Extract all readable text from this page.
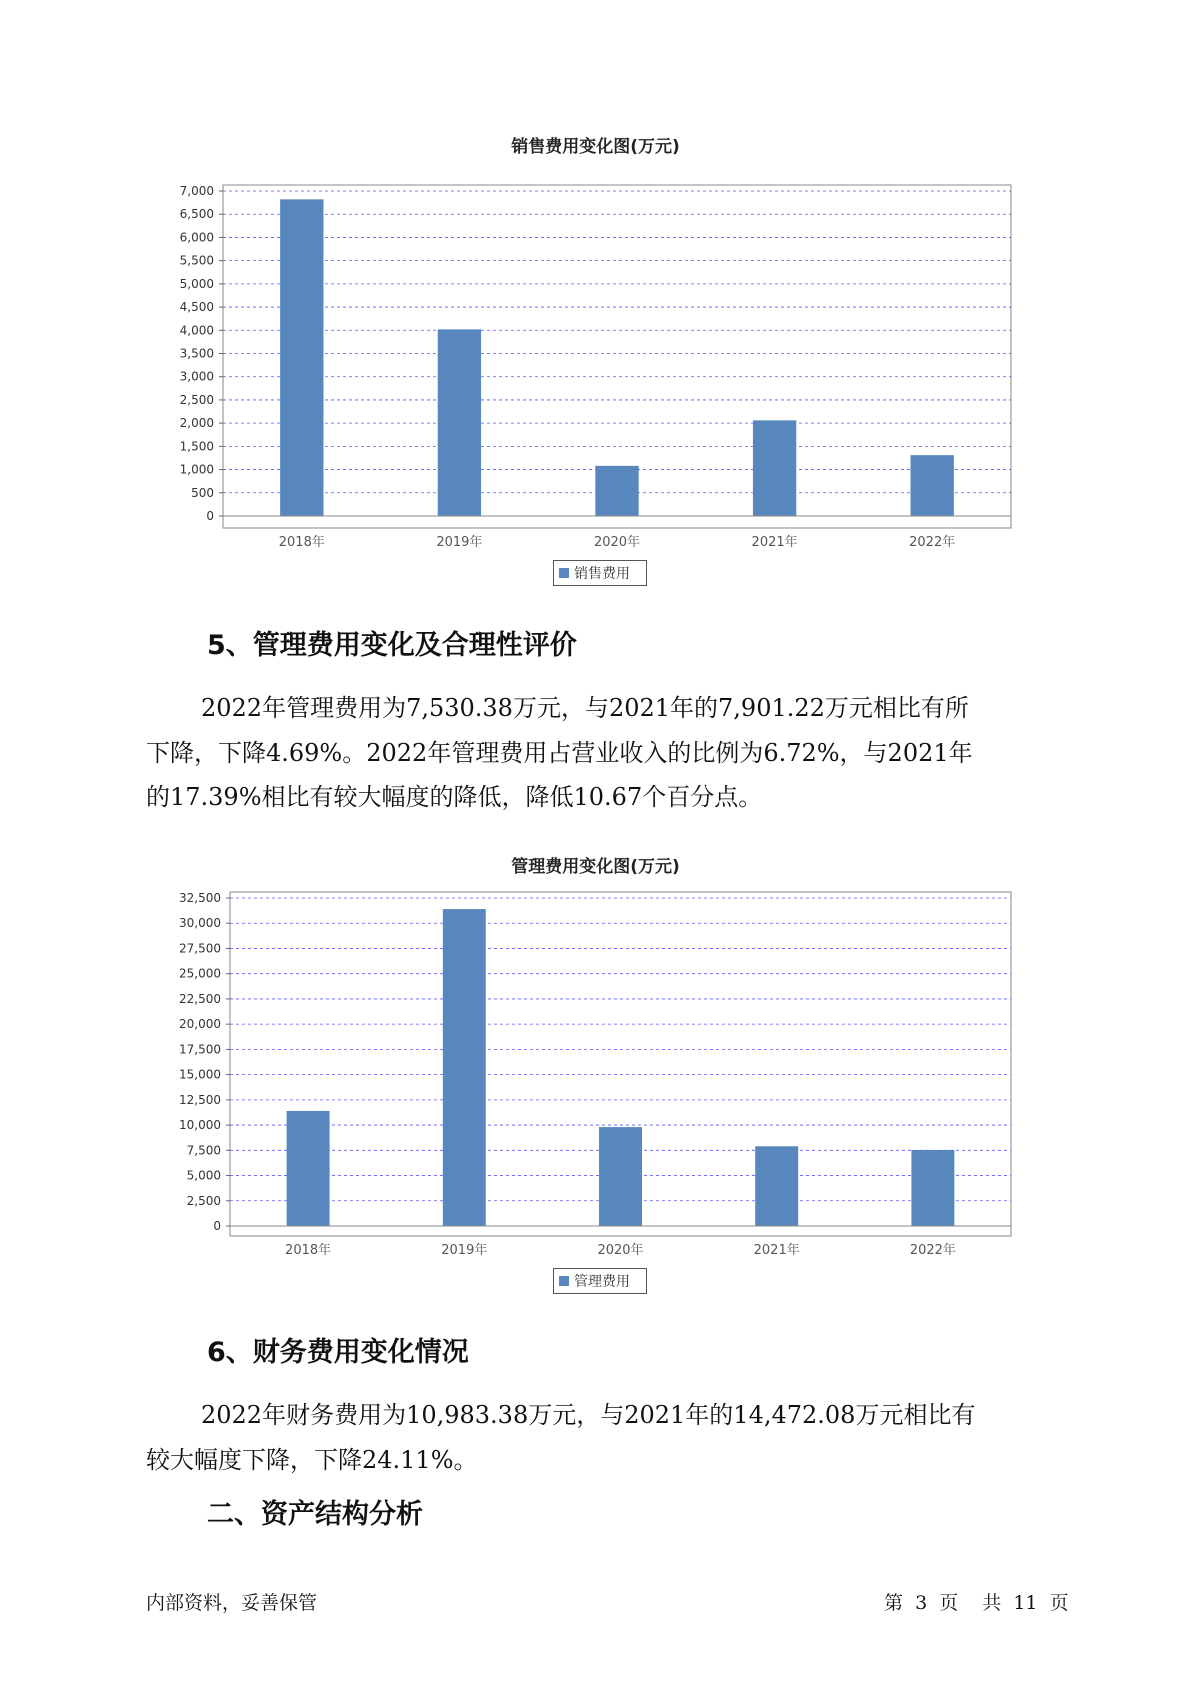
销售费用变化图(万元)
0
500
1,000
1,500
2,000
2,500
3,000
3,500
4,000
4,500
5,000
5,500
6,000
6,500
7,000
2018年	2019年	2020年	2021年	2022年
销售费用
5、管理费用变化及合理性评价
2022年管理费用为7,530.38万元，与2021年的7,901.22万元相比有所
下降，下降4.69%。2022年管理费用占营业收入的比例为6.72%，与2021年
的17.39%相比有较大幅度的降低，降低10.67个百分点。
管理费用变化图(万元)
0
2,500
5,000
7,500
10,000
12,500
15,000
17,500
20,000
22,500
25,000
27,500
30,000
32,500
2018年	2019年	2020年	2021年	2022年
管理费用
6、财务费用变化情况
2022年财务费用为10,983.38万元，与2021年的14,472.08万元相比有
较大幅度下降，下降24.11%。
二、资产结构分析
内部资料，妥善保管	第 3 页 共 11 页
